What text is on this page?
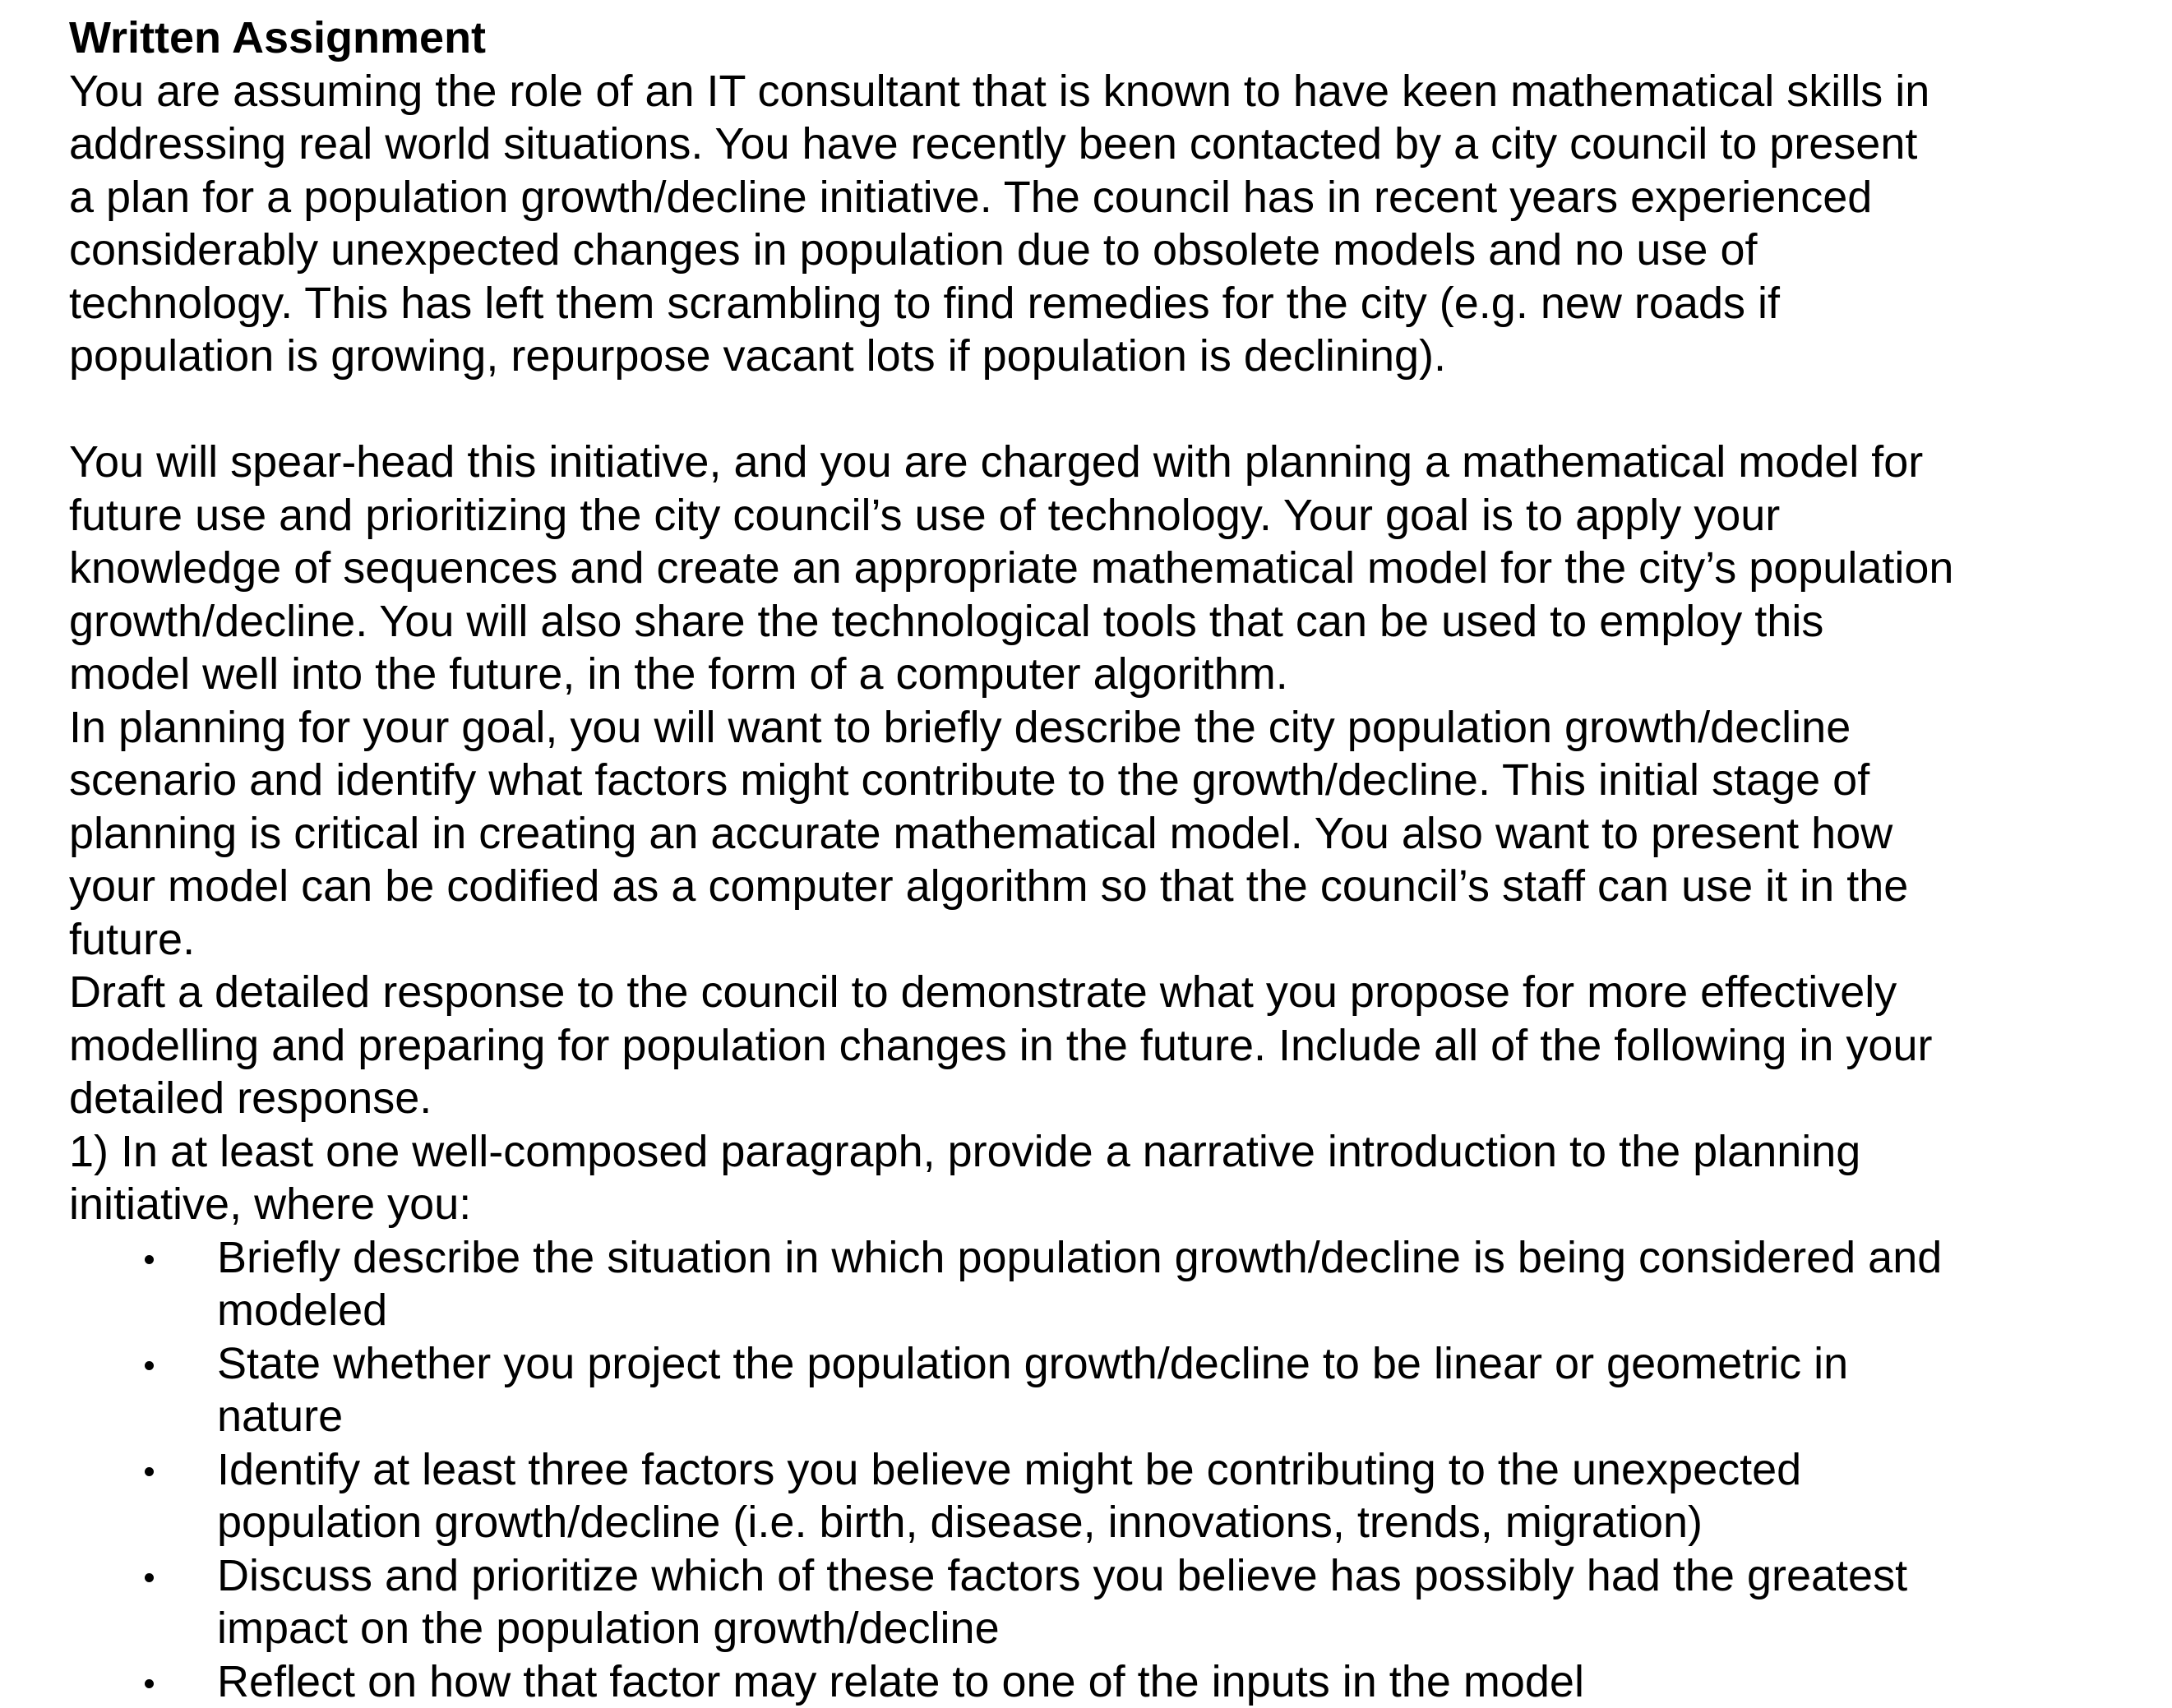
Written Assignment
You are assuming the role of an IT consultant that is known to have keen mathematical skills in
addressing real world situations. You have recently been contacted by a city council to present
a plan for a population growth/decline initiative. The council has in recent years experienced
considerably unexpected changes in population due to obsolete models and no use of
technology. This has left them scrambling to find remedies for the city (e.g. new roads if
population is growing, repurpose vacant lots if population is declining).
You will spear-head this initiative, and you are charged with planning a mathematical model for
future use and prioritizing the city council’s use of technology. Your goal is to apply your
knowledge of sequences and create an appropriate mathematical model for the city’s population
growth/decline. You will also share the technological tools that can be used to employ this
model well into the future, in the form of a computer algorithm.
In planning for your goal, you will want to briefly describe the city population growth/decline
scenario and identify what factors might contribute to the growth/decline. This initial stage of
planning is critical in creating an accurate mathematical model. You also want to present how
your model can be codified as a computer algorithm so that the council’s staff can use it in the
future.
Draft a detailed response to the council to demonstrate what you propose for more effectively
modelling and preparing for population changes in the future. Include all of the following in your
detailed response.
1) In at least one well-composed paragraph, provide a narrative introduction to the planning
initiative, where you:
Briefly describe the situation in which population growth/decline is being considered and
modeled
State whether you project the population growth/decline to be linear or geometric in
nature
Identify at least three factors you believe might be contributing to the unexpected
population growth/decline (i.e. birth, disease, innovations, trends, migration)
Discuss and prioritize which of these factors you believe has possibly had the greatest
impact on the population growth/decline
Reflect on how that factor may relate to one of the inputs in the model
